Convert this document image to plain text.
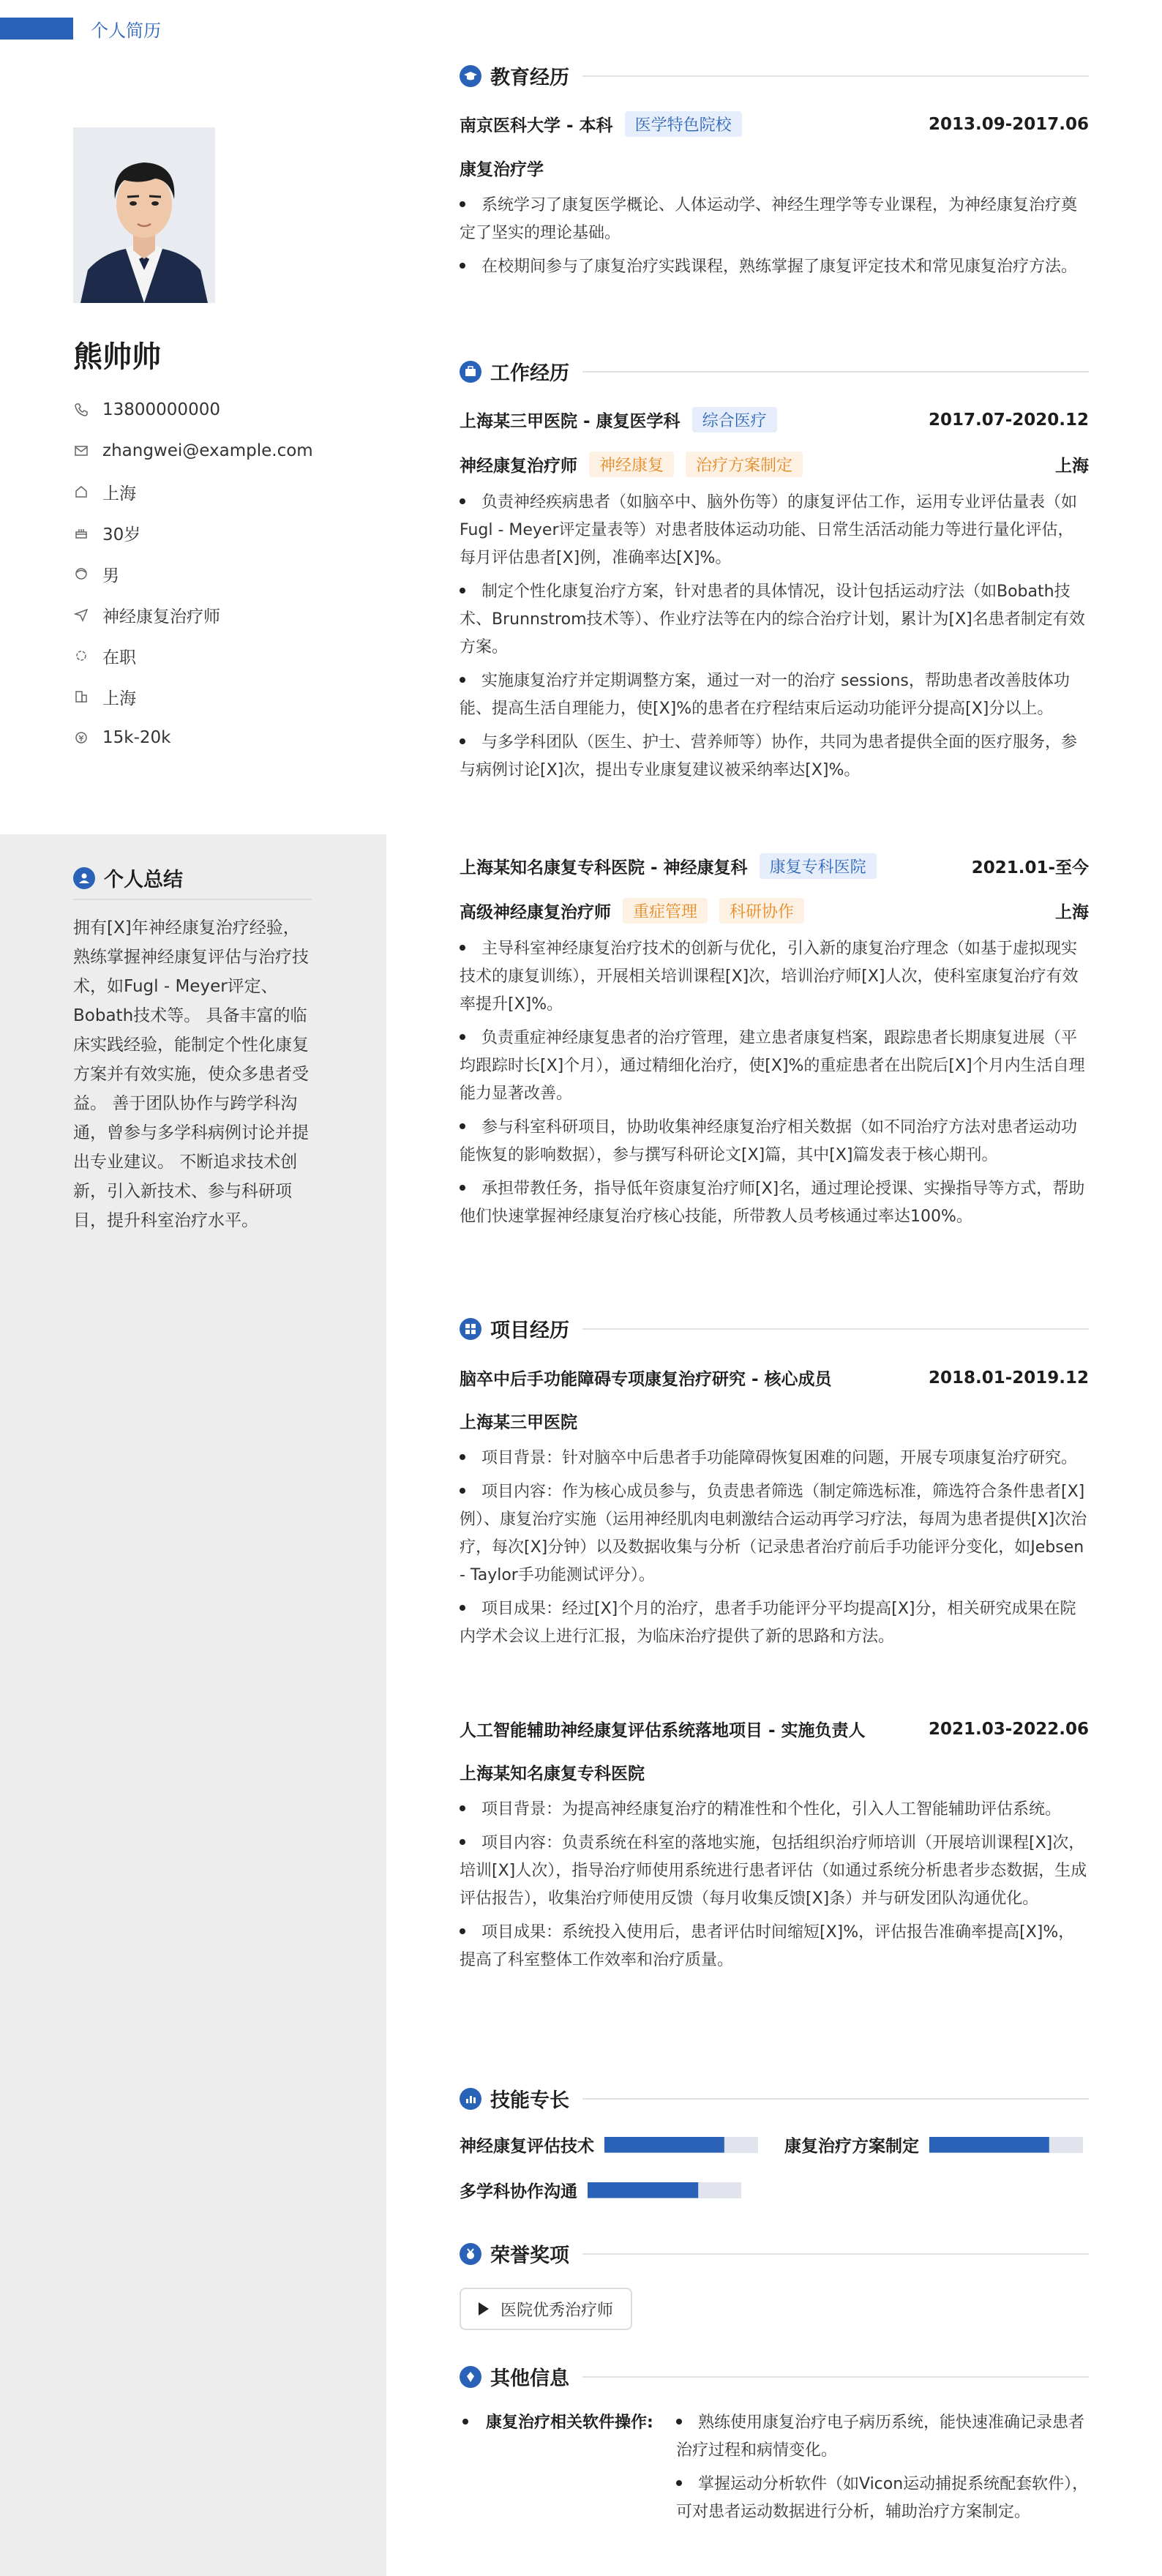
个人简历
熊帅帅
13800000000
zhangwei@example.com
上海
30岁
男
神经康复治疗师
在职
上海
15k-20k
个人总结
拥有[X]年神经康复治疗经验，熟练掌握神经康复评估与治疗技术，如Fugl - Meyer评定、Bobath技术等。 具备丰富的临床实践经验，能制定个性化康复方案并有效实施，使众多患者受益。 善于团队协作与跨学科沟通，曾参与多学科病例讨论并提出专业建议。 不断追求技术创新，引入新技术、参与科研项目，提升科室治疗水平。
教育经历
南京医科大学 - 本科	医学特色院校	2013.09-2017.06
康复治疗学
系统学习了康复医学概论、人体运动学、神经生理学等专业课程，为神经康复治疗奠定了坚实的理论基础。
在校期间参与了康复治疗实践课程，熟练掌握了康复评定技术和常见康复治疗方法。
工作经历
上海某三甲医院 - 康复医学科	综合医疗	2017.07-2020.12
神经康复治疗师	神经康复	治疗方案制定	上海
负责神经疾病患者（如脑卒中、脑外伤等）的康复评估工作，运用专业评估量表（如Fugl - Meyer评定量表等）对患者肢体运动功能、日常生活活动能力等进行量化评估，每月评估患者[X]例，准确率达[X]%。
制定个性化康复治疗方案，针对患者的具体情况，设计包括运动疗法（如Bobath技术、Brunnstrom技术等）、作业疗法等在内的综合治疗计划，累计为[X]名患者制定有效方案。
实施康复治疗并定期调整方案，通过一对一的治疗 sessions，帮助患者改善肢体功能、提高生活自理能力，使[X]%的患者在疗程结束后运动功能评分提高[X]分以上。
与多学科团队（医生、护士、营养师等）协作，共同为患者提供全面的医疗服务，参与病例讨论[X]次，提出专业康复建议被采纳率达[X]%。
上海某知名康复专科医院 - 神经康复科	康复专科医院	2021.01-至今
高级神经康复治疗师	重症管理	科研协作	上海
主导科室神经康复治疗技术的创新与优化，引入新的康复治疗理念（如基于虚拟现实技术的康复训练），开展相关培训课程[X]次，培训治疗师[X]人次，使科室康复治疗有效率提升[X]%。
负责重症神经康复患者的治疗管理，建立患者康复档案，跟踪患者长期康复进展（平均跟踪时长[X]个月），通过精细化治疗，使[X]%的重症患者在出院后[X]个月内生活自理能力显著改善。
参与科室科研项目，协助收集神经康复治疗相关数据（如不同治疗方法对患者运动功能恢复的影响数据），参与撰写科研论文[X]篇，其中[X]篇发表于核心期刊。
承担带教任务，指导低年资康复治疗师[X]名，通过理论授课、实操指导等方式，帮助他们快速掌握神经康复治疗核心技能，所带教人员考核通过率达100%。
项目经历
脑卒中后手功能障碍专项康复治疗研究 - 核心成员	2018.01-2019.12
上海某三甲医院
项目背景：针对脑卒中后患者手功能障碍恢复困难的问题，开展专项康复治疗研究。
项目内容：作为核心成员参与，负责患者筛选（制定筛选标准，筛选符合条件患者[X]例）、康复治疗实施（运用神经肌肉电刺激结合运动再学习疗法，每周为患者提供[X]次治疗，每次[X]分钟）以及数据收集与分析（记录患者治疗前后手功能评分变化，如Jebsen - Taylor手功能测试评分）。
项目成果：经过[X]个月的治疗，患者手功能评分平均提高[X]分，相关研究成果在院内学术会议上进行汇报，为临床治疗提供了新的思路和方法。
人工智能辅助神经康复评估系统落地项目 - 实施负责人	2021.03-2022.06
上海某知名康复专科医院
项目背景：为提高神经康复治疗的精准性和个性化，引入人工智能辅助评估系统。
项目内容：负责系统在科室的落地实施，包括组织治疗师培训（开展培训课程[X]次，培训[X]人次），指导治疗师使用系统进行患者评估（如通过系统分析患者步态数据，生成评估报告），收集治疗师使用反馈（每月收集反馈[X]条）并与研发团队沟通优化。
项目成果：系统投入使用后，患者评估时间缩短[X]%，评估报告准确率提高[X]%，提高了科室整体工作效率和治疗质量。
技能专长
神经康复评估技术	康复治疗方案制定
多学科协作沟通
荣誉奖项
医院优秀治疗师
其他信息
康复治疗相关软件操作:	熟练使用康复治疗电子病历系统，能快速准确记录患者治疗过程和病情变化。
掌握运动分析软件（如Vicon运动捕捉系统配套软件），可对患者运动数据进行分析，辅助治疗方案制定。
